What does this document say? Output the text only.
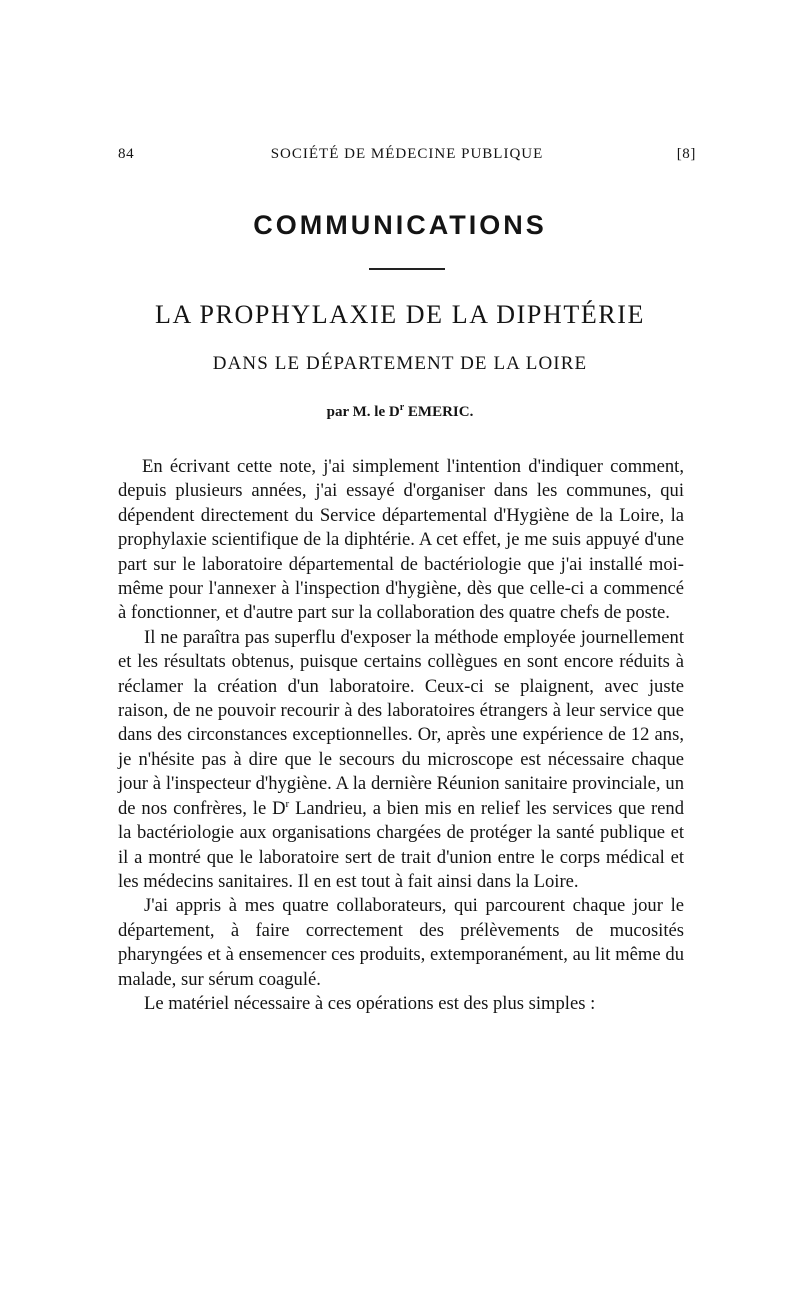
84	SOCIÉTÉ DE MÉDECINE PUBLIQUE	[8]
COMMUNICATIONS
LA PROPHYLAXIE DE LA DIPHTÉRIE
DANS LE DÉPARTEMENT DE LA LOIRE
par M. le $D^r$ EMERIC.

En écrivant cette note, j'ai simplement l'intention d'indiquer comment, depuis plusieurs années, j'ai essayé d'organiser dans les communes, qui dépendent directement du Service départemental d'Hygiène de la Loire, la prophylaxie scientifique de la diphtérie. A cet effet, je me suis appuyé d'une part sur le laboratoire départemental de bactériologie que j'ai installé moi-même pour l'annexer à l'inspection d'hygiène, dès que celle-ci a commencé à fonctionner, et d'autre part sur la collaboration des quatre chefs de poste.

Il ne paraîtra pas superflu d'exposer la méthode employée journellement et les résultats obtenus, puisque certains collègues en sont encore réduits à réclamer la création d'un laboratoire. Ceux-ci se plaignent, avec juste raison, de ne pouvoir recourir à des laboratoires étrangers à leur service que dans des circonstances exceptionnelles. Or, après une expérience de 12 ans, je n'hésite pas à dire que le secours du microscope est nécessaire chaque jour à l'inspecteur d'hygiène. A la dernière Réunion sanitaire provinciale, un de nos confrères, le $D^r$ Landrieu, a bien mis en relief les services que rend la bactériologie aux organisations chargées de protéger la santé publique et il a montré que le laboratoire sert de trait d'union entre le corps médical et les médecins sanitaires. Il en est tout à fait ainsi dans la Loire.

J'ai appris à mes quatre collaborateurs, qui parcourent chaque jour le département, à faire correctement des prélèvements de mucosités pharyngées et à ensemencer ces produits, extemporanément, au lit même du malade, sur sérum coagulé.

Le matériel nécessaire à ces opérations est des plus simples :
